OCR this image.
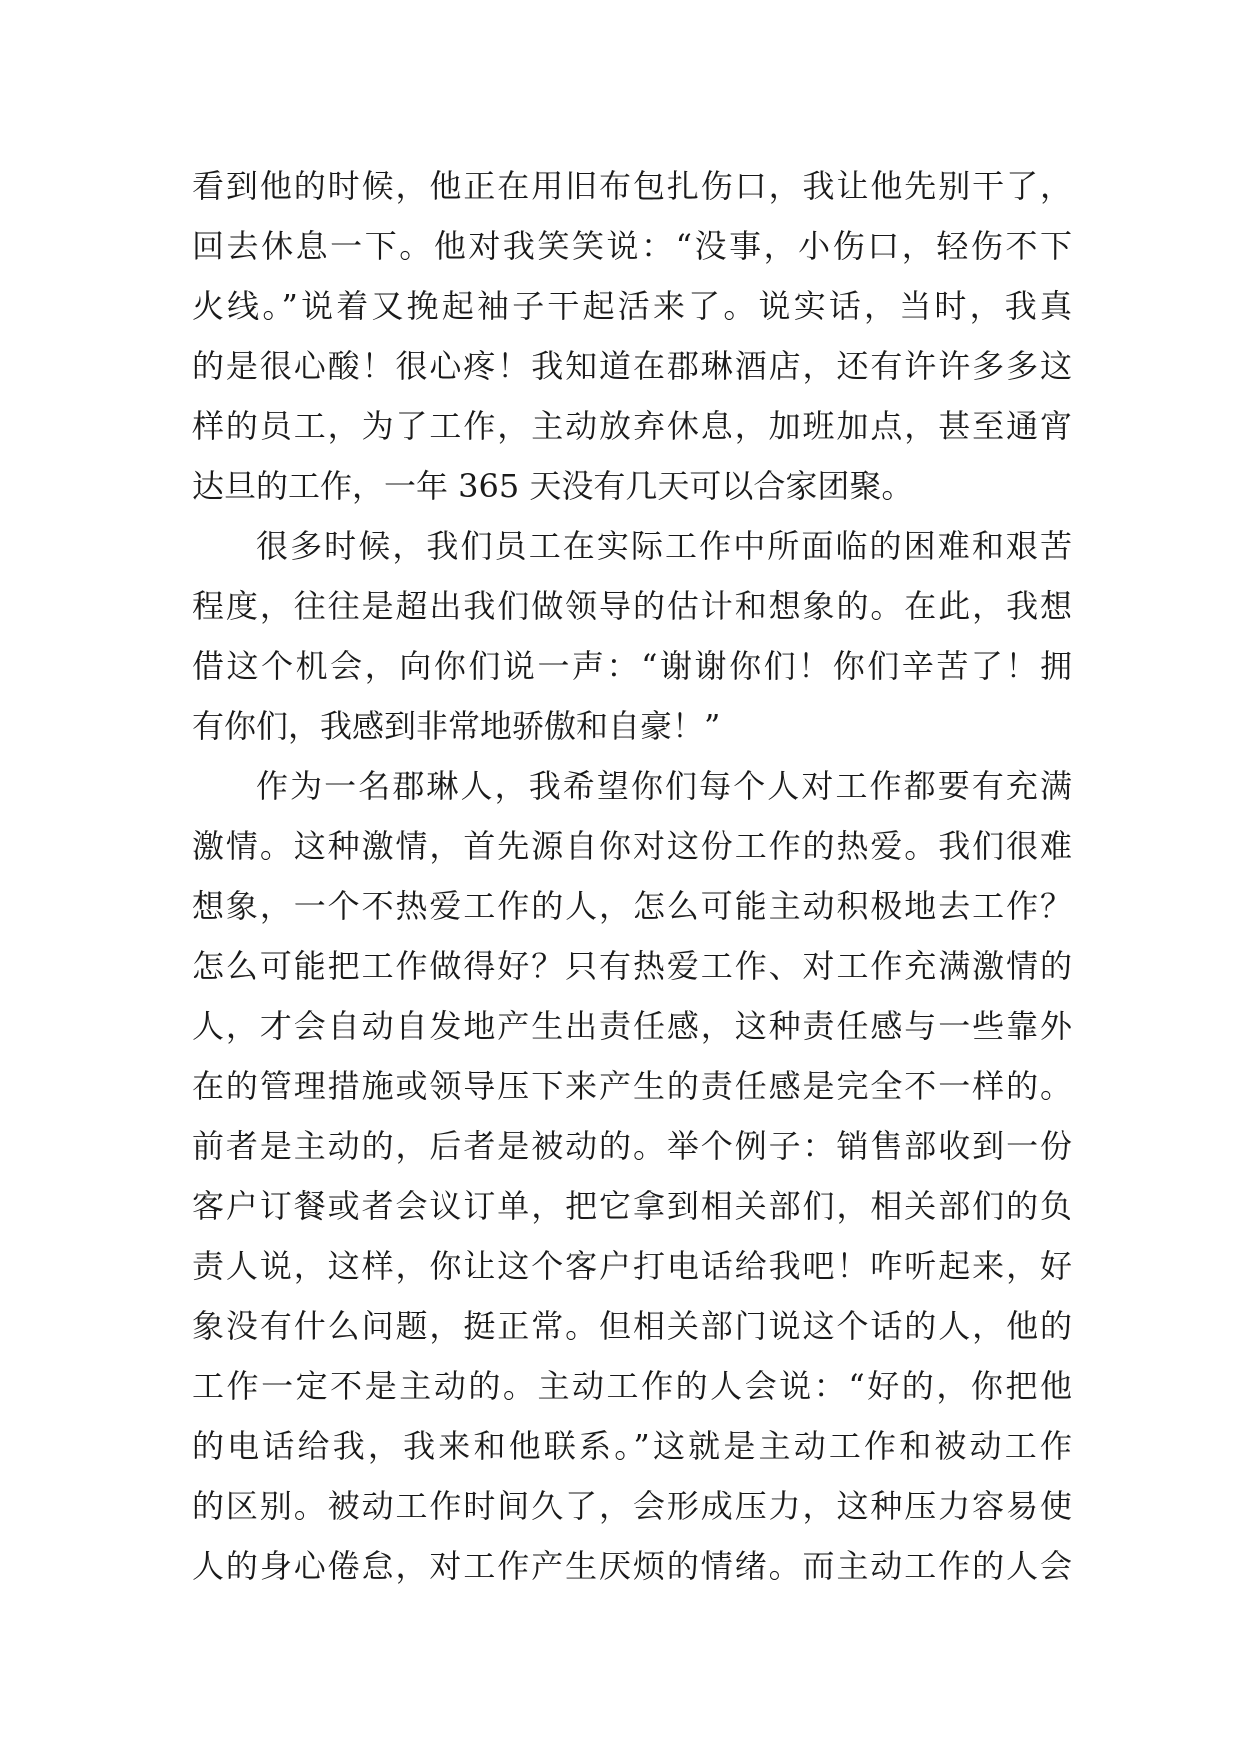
看到他的时候，他正在用旧布包扎伤口，我让他先别干了，
回去休息一下。他对我笑笑说：“没事，小伤口，轻伤不下
火线。”说着又挽起袖子干起活来了。说实话，当时，我真
的是很心酸！很心疼！我知道在郡琳酒店，还有许许多多这
样的员工，为了工作，主动放弃休息，加班加点，甚至通宵
达旦的工作，一年 365 天没有几天可以合家团聚。
很多时候，我们员工在实际工作中所面临的困难和艰苦
程度，往往是超出我们做领导的估计和想象的。在此，我想
借这个机会，向你们说一声：“谢谢你们！你们辛苦了！拥
有你们，我感到非常地骄傲和自豪！”
作为一名郡琳人，我希望你们每个人对工作都要有充满
激情。这种激情，首先源自你对这份工作的热爱。我们很难
想象，一个不热爱工作的人，怎么可能主动积极地去工作？
怎么可能把工作做得好？只有热爱工作、对工作充满激情的
人，才会自动自发地产生出责任感，这种责任感与一些靠外
在的管理措施或领导压下来产生的责任感是完全不一样的。
前者是主动的，后者是被动的。举个例子：销售部收到一份
客户订餐或者会议订单，把它拿到相关部们，相关部们的负
责人说，这样，你让这个客户打电话给我吧！咋听起来，好
象没有什么问题，挺正常。但相关部门说这个话的人，他的
工作一定不是主动的。主动工作的人会说：“好的，你把他
的电话给我，我来和他联系。”这就是主动工作和被动工作
的区别。被动工作时间久了，会形成压力，这种压力容易使
人的身心倦怠，对工作产生厌烦的情绪。而主动工作的人会
